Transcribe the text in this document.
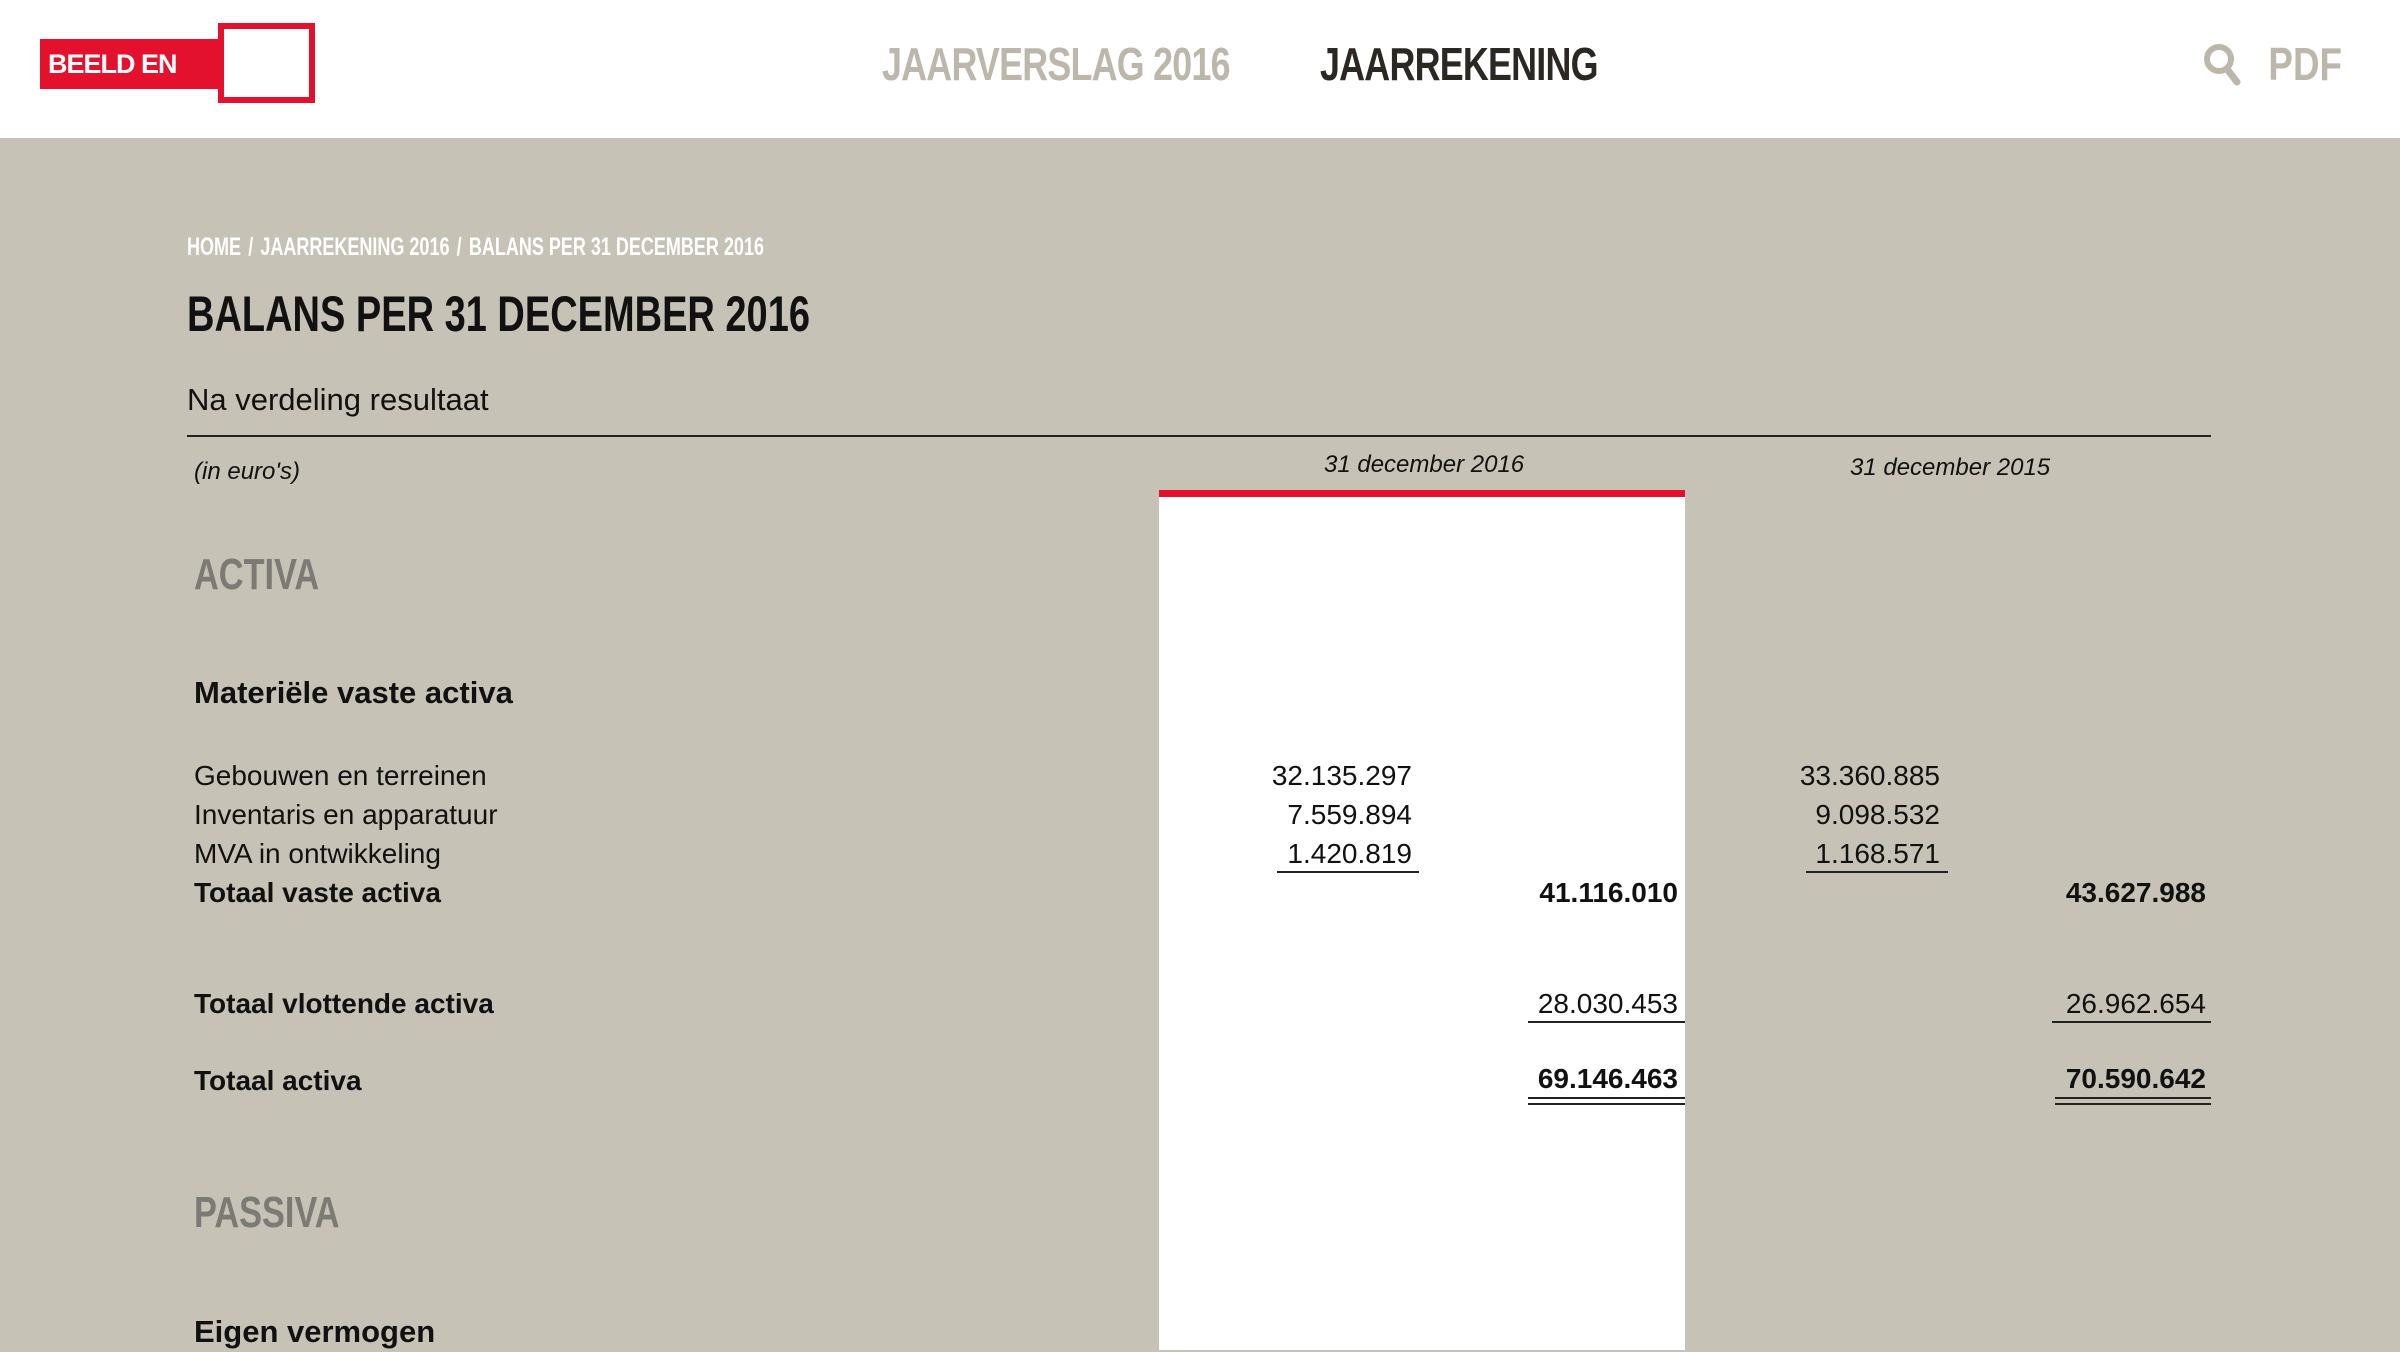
BEELD EN GELUID
JAARVERSLAG 2016 JAARREKENING	PDF
HOME / JAARREKENING 2016 / BALANS PER 31 DECEMBER 2016
BALANS PER 31 DECEMBER 2016
Na verdeling resultaat
(in euro's)	31 december 2016	31 december 2015
ACTIVA
Materiële vaste activa
Gebouwen en terreinen	32.135.297	33.360.885
Inventaris en apparatuur	7.559.894	9.098.532
MVA in ontwikkeling	1.420.819	1.168.571
Totaal vaste activa	41.116.010	43.627.988
Totaal vlottende activa	28.030.453	26.962.654
Totaal activa	69.146.463	70.590.642
PASSIVA
Eigen vermogen
